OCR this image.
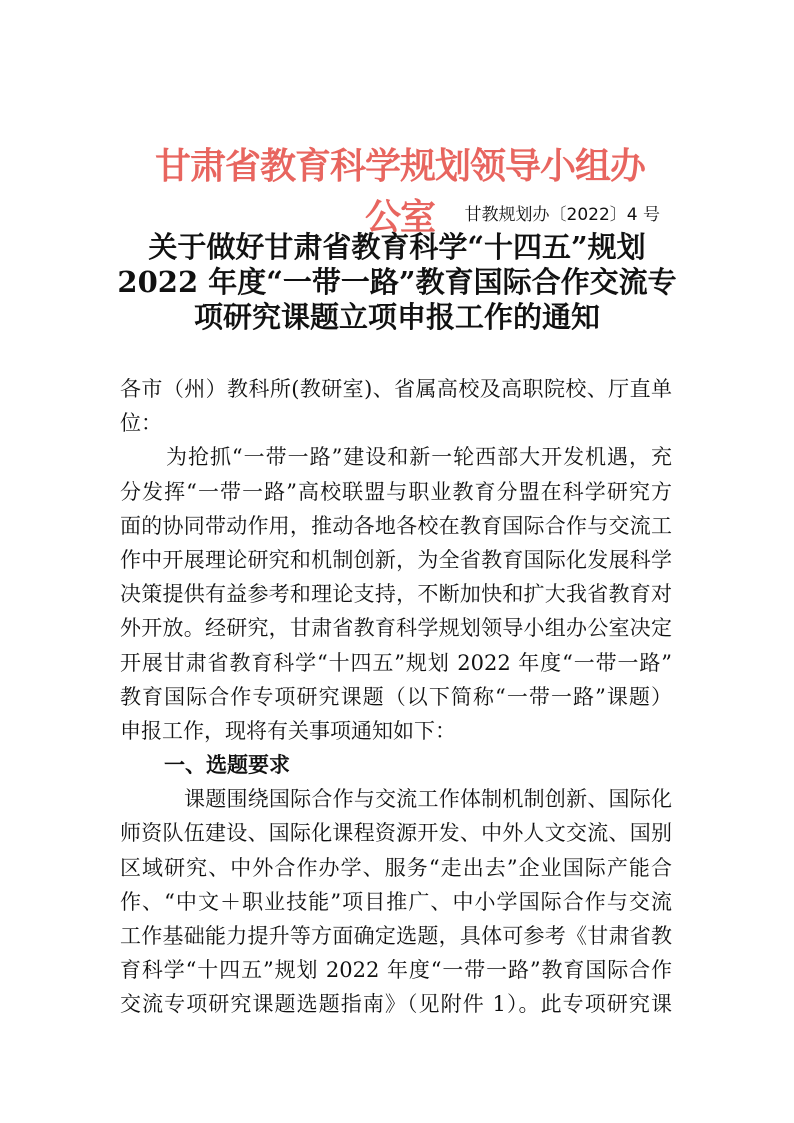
甘肃省教育科学规划领导小组办公室	甘教规划办〔2022〕4 号
关于做好甘肃省教育科学“十四五”规划
2022 年度“一带一路”教育国际合作交流专
项研究课题立项申报工作的通知
各市（州）教科所(教研室)、省属高校及高职院校、厅直单
位：
为抢抓“一带一路”建设和新一轮西部大开发机遇，充
分发挥“一带一路”高校联盟与职业教育分盟在科学研究方
面的协同带动作用，推动各地各校在教育国际合作与交流工
作中开展理论研究和机制创新，为全省教育国际化发展科学
决策提供有益参考和理论支持，不断加快和扩大我省教育对
外开放。经研究，甘肃省教育科学规划领导小组办公室决定
开展甘肃省教育科学“十四五”规划 2022 年度“一带一路”
教育国际合作专项研究课题（以下简称“一带一路”课题）
申报工作，现将有关事项通知如下：
一、选题要求
课题围绕国际合作与交流工作体制机制创新、国际化
师资队伍建设、国际化课程资源开发、中外人文交流、国别
区域研究、中外合作办学、服务“走出去”企业国际产能合
作、“中文＋职业技能”项目推广、中小学国际合作与交流
工作基础能力提升等方面确定选题，具体可参考《甘肃省教
育科学“十四五”规划 2022 年度“一带一路”教育国际合作
交流专项研究课题选题指南》（见附件 1）。此专项研究课
